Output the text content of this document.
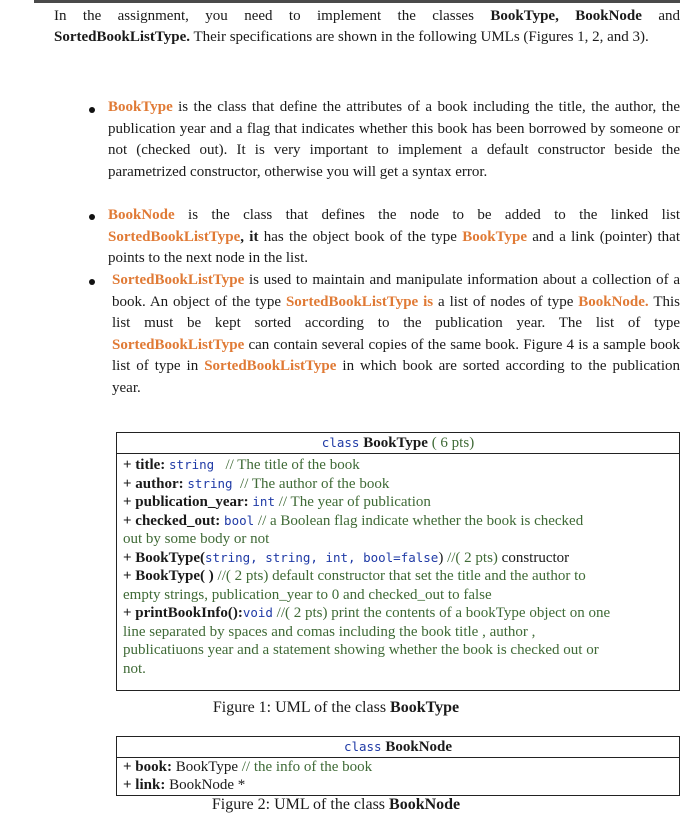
In the assignment, you need to implement the classes BookType, BookNode and SortedBookListType. Their specifications are shown in the following UMLs (Figures 1, 2, and 3).
BookType is the class that define the attributes of a book including the title, the author, the publication year and a flag that indicates whether this book has been borrowed by someone or not (checked out). It is very important to implement a default constructor beside the parametrized constructor, otherwise you will get a syntax error.
BookNode is the class that defines the node to be added to the linked list SortedBookListType, it has the object book of the type BookType and a link (pointer) that points to the next node in the list.
SortedBookListType is used to maintain and manipulate information about a collection of a book. An object of the type SortedBookListType is a list of nodes of type BookNode. This list must be kept sorted according to the publication year. The list of type SortedBookListType can contain several copies of the same book. Figure 4 is a sample book list of type in SortedBookListType in which book are sorted according to the publication year.
class BookType ( 6 pts)
+ title: string   // The title of the book
+ author: string  // The author of the book
+ publication_year: int // The year of publication
+ checked_out: bool // a Boolean flag indicate whether the book is checked out by some body or not
+ BookType(string, string, int, bool=false) //( 2 pts) constructor
+ BookType( ) //( 2 pts) default constructor that set the title and the author to empty strings, publication_year to 0 and checked_out to false
+ printBookInfo():void //( 2 pts) print the contents of a bookType object on one line separated by spaces and comas including the book title , author , publicatiuons year and a statement showing whether the book is checked out or not.
Figure 1: UML of the class BookType
class BookNode
+ book: BookType // the info of the book
+ link: BookNode *
Figure 2: UML of the class BookNode
